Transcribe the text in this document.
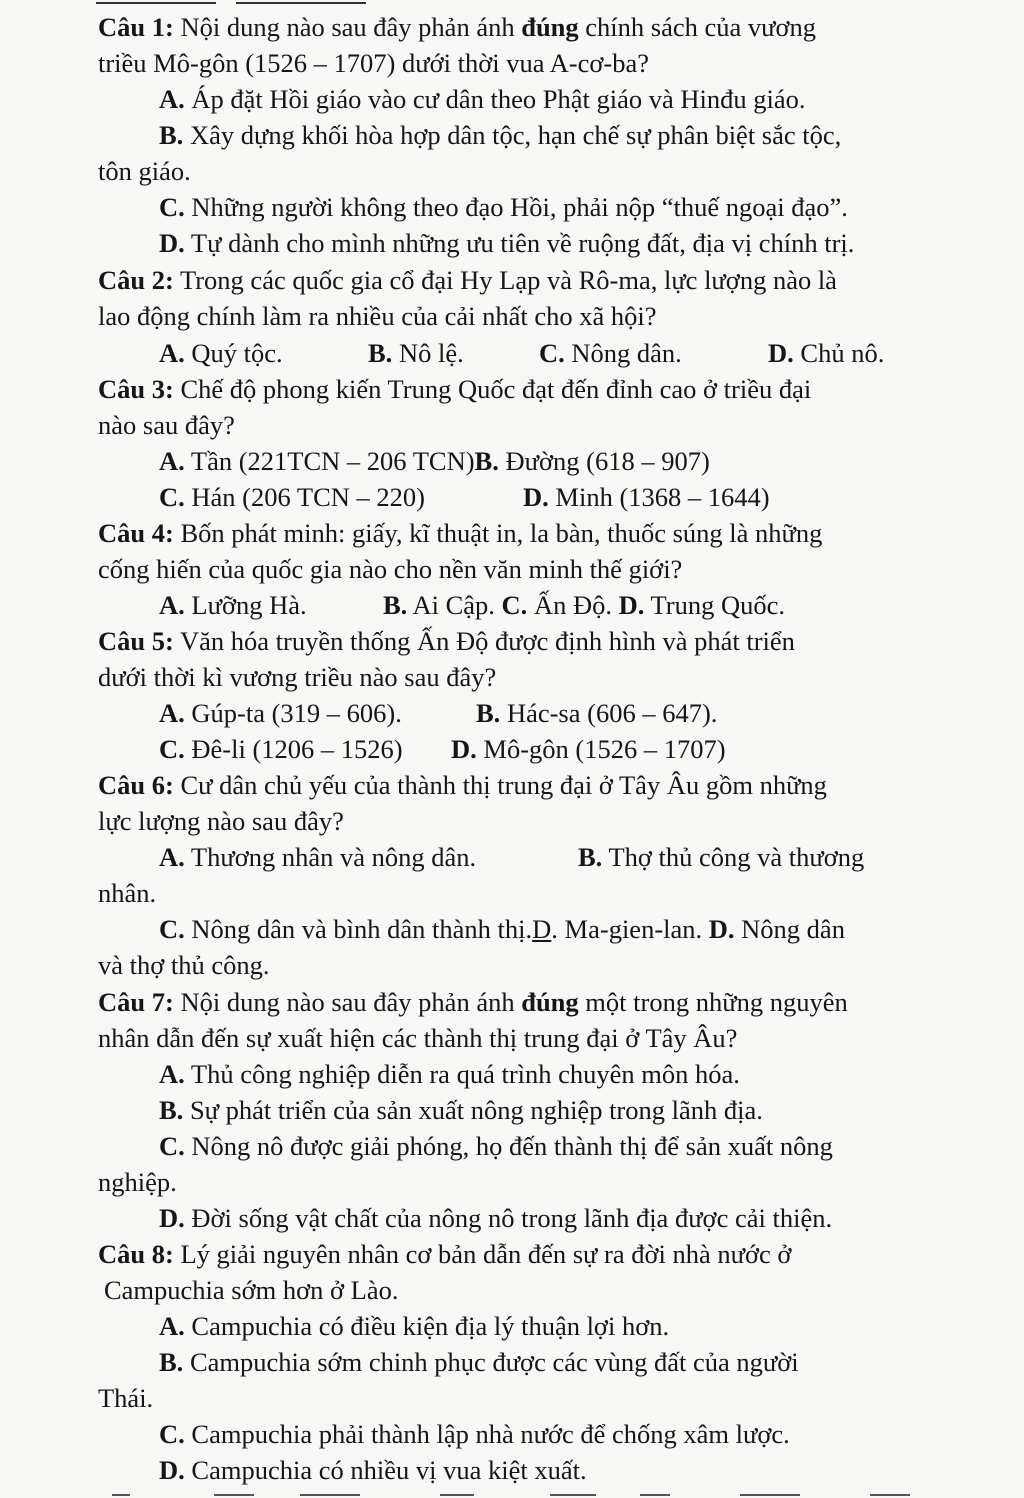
Câu 1: Nội dung nào sau đây phản ánh đúng chính sách của vương
triều Mô-gôn (1526 – 1707) dưới thời vua A-cơ-ba?
A. Áp đặt Hồi giáo vào cư dân theo Phật giáo và Hinđu giáo.
B. Xây dựng khối hòa hợp dân tộc, hạn chế sự phân biệt sắc tộc,
tôn giáo.
C. Những người không theo đạo Hồi, phải nộp “thuế ngoại đạo”.
D. Tự dành cho mình những ưu tiên về ruộng đất, địa vị chính trị.
Câu 2: Trong các quốc gia cổ đại Hy Lạp và Rô-ma, lực lượng nào là
lao động chính làm ra nhiều của cải nhất cho xã hội?
A. Quý tộc.	B. Nô lệ.	C. Nông dân.	D. Chủ nô.
Câu 3: Chế độ phong kiến Trung Quốc đạt đến đỉnh cao ở triều đại
nào sau đây?
A. Tần (221TCN – 206 TCN)B. Đường (618 – 907)
C. Hán (206 TCN – 220)	D. Minh (1368 – 1644)
Câu 4: Bốn phát minh: giấy, kĩ thuật in, la bàn, thuốc súng là những
cống hiến của quốc gia nào cho nền văn minh thế giới?
A. Lưỡng Hà.	B. Ai Cập. C. Ấn Độ. D. Trung Quốc.
Câu 5: Văn hóa truyền thống Ấn Độ được định hình và phát triển
dưới thời kì vương triều nào sau đây?
A. Gúp-ta (319 – 606).	B. Hác-sa (606 – 647).
C. Đê-li (1206 – 1526) D. Mô-gôn (1526 – 1707)
Câu 6: Cư dân chủ yếu của thành thị trung đại ở Tây Âu gồm những
lực lượng nào sau đây?
A. Thương nhân và nông dân.	B. Thợ thủ công và thương
nhân.
C. Nông dân và bình dân thành thị.D. Ma-gien-lan. D. Nông dân
và thợ thủ công.
Câu 7: Nội dung nào sau đây phản ánh đúng một trong những nguyên
nhân dẫn đến sự xuất hiện các thành thị trung đại ở Tây Âu?
A. Thủ công nghiệp diễn ra quá trình chuyên môn hóa.
B. Sự phát triển của sản xuất nông nghiệp trong lãnh địa.
C. Nông nô được giải phóng, họ đến thành thị để sản xuất nông
nghiệp.
D. Đời sống vật chất của nông nô trong lãnh địa được cải thiện.
Câu 8: Lý giải nguyên nhân cơ bản dẫn đến sự ra đời nhà nước ở
Campuchia sớm hơn ở Lào.
A. Campuchia có điều kiện địa lý thuận lợi hơn.
B. Campuchia sớm chinh phục được các vùng đất của người
Thái.
C. Campuchia phải thành lập nhà nước để chống xâm lược.
D. Campuchia có nhiều vị vua kiệt xuất.
